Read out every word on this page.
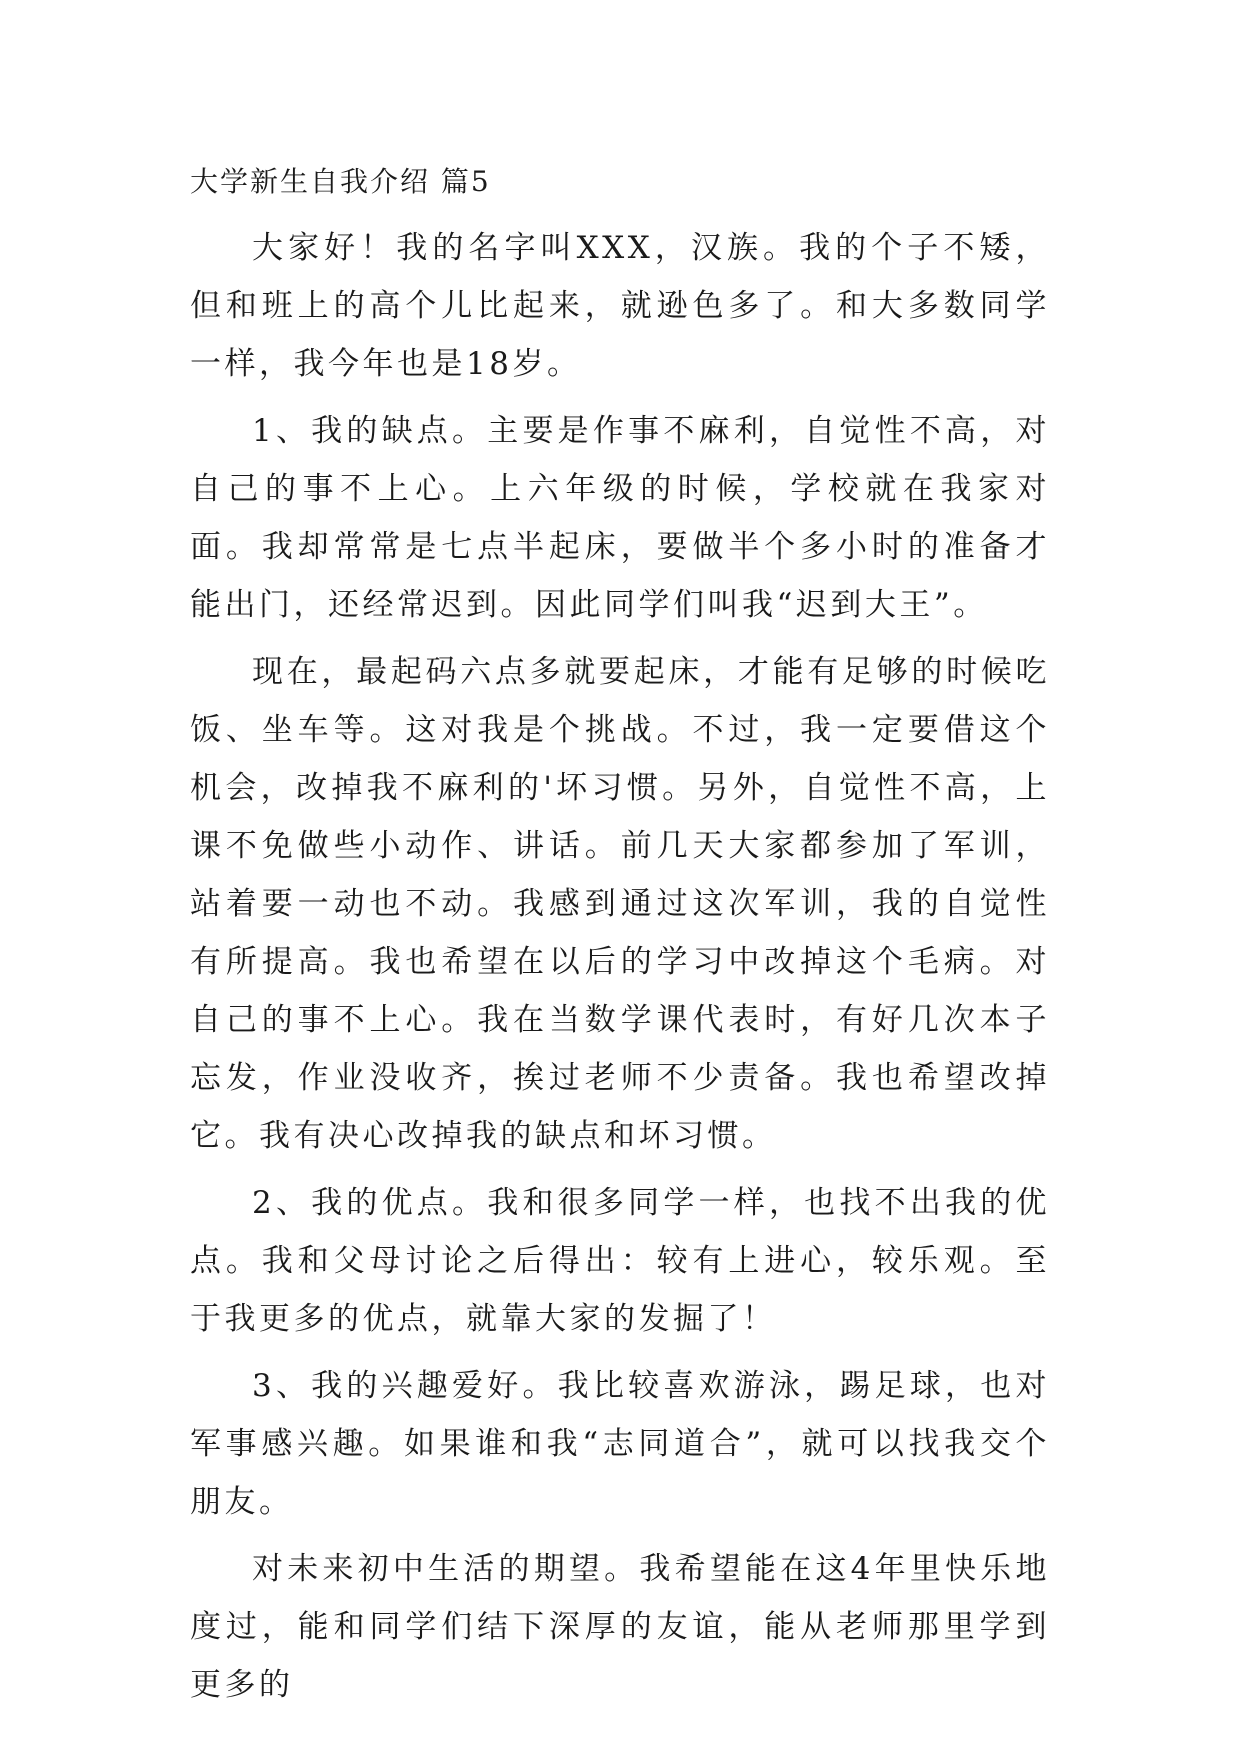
大学新生自我介绍 篇5

大家好！我的名字叫XXX，汉族。我的个子不矮，但和班上的高个儿比起来，就逊色多了。和大多数同学一样，我今年也是18岁。

1、我的缺点。主要是作事不麻利，自觉性不高，对自己的事不上心。上六年级的时候，学校就在我家对面。我却常常是七点半起床，要做半个多小时的准备才能出门，还经常迟到。因此同学们叫我“迟到大王”。

现在，最起码六点多就要起床，才能有足够的时候吃饭、坐车等。这对我是个挑战。不过，我一定要借这个机会，改掉我不麻利的'坏习惯。另外，自觉性不高，上课不免做些小动作、讲话。前几天大家都参加了军训，站着要一动也不动。我感到通过这次军训，我的自觉性有所提高。我也希望在以后的学习中改掉这个毛病。对自己的事不上心。我在当数学课代表时，有好几次本子忘发，作业没收齐，挨过老师不少责备。我也希望改掉它。我有决心改掉我的缺点和坏习惯。

2、我的优点。我和很多同学一样，也找不出我的优点。我和父母讨论之后得出：较有上进心，较乐观。至于我更多的优点，就靠大家的发掘了！

3、我的兴趣爱好。我比较喜欢游泳，踢足球，也对军事感兴趣。如果谁和我“志同道合”，就可以找我交个朋友。

对未来初中生活的期望。我希望能在这4年里快乐地度过，能和同学们结下深厚的友谊，能从老师那里学到更多的
